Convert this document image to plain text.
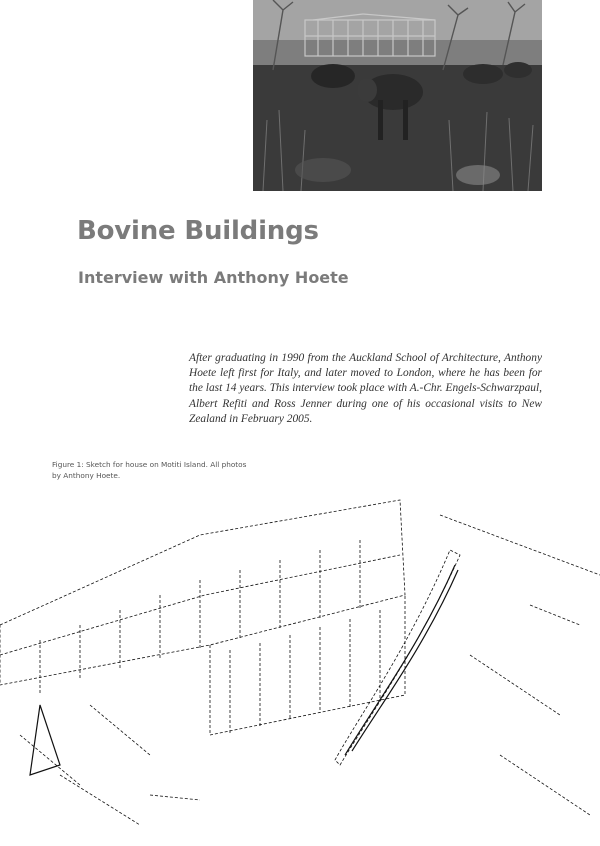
Bovine Buildings
Interview with Anthony Hoete
After graduating in 1990 from the Auckland School of Architecture, Anthony Hoete left first for Italy, and later moved to London, where he has been for the last 14 years. This interview took place with A.-Chr. Engels-Schwarzpaul, Albert Refiti and Ross Jenner during one of his occasional visits to New Zealand in February 2005.
Figure 1: Sketch for house on Motiti Island. All photos by Anthony Hoete.
